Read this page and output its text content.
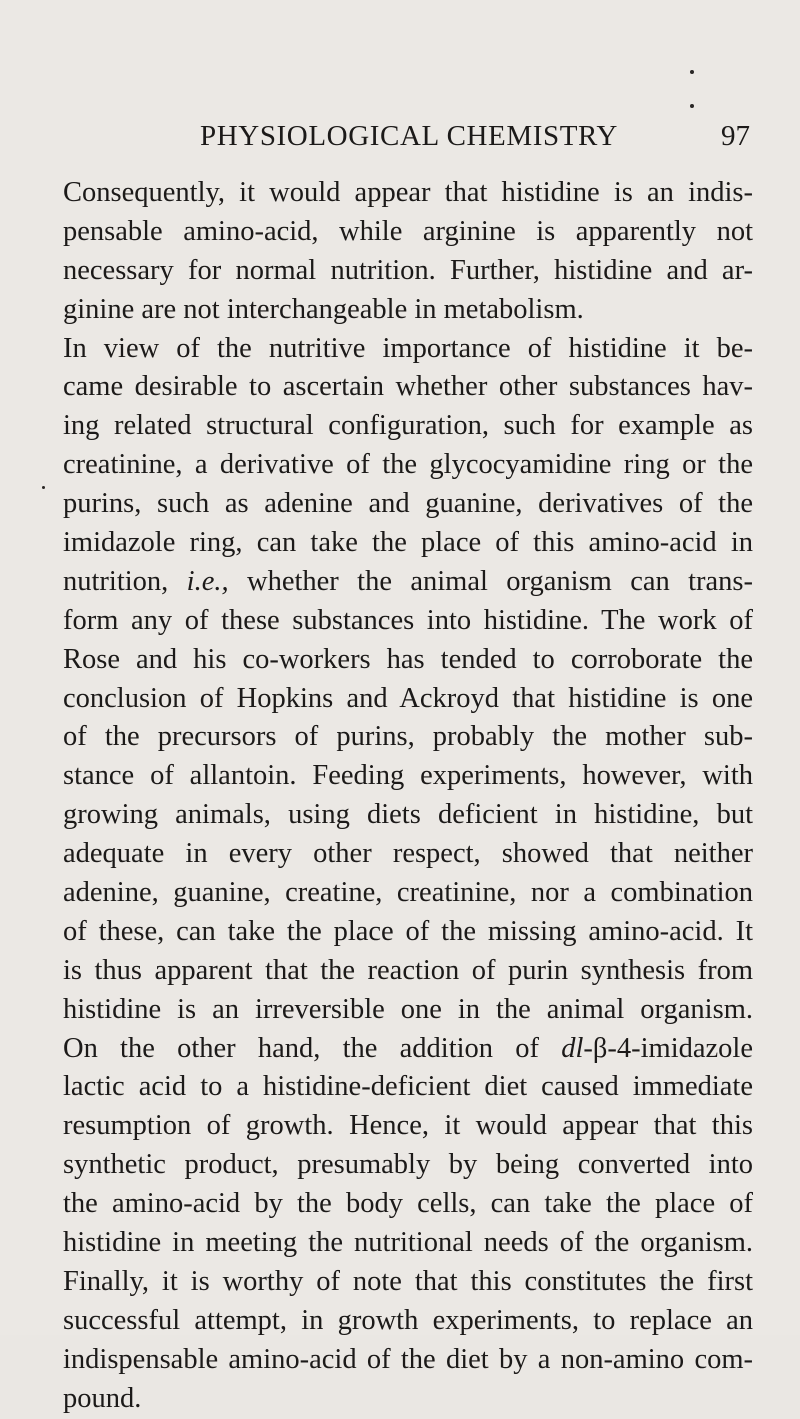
PHYSIOLOGICAL CHEMISTRY	97
Consequently, it would appear that histidine is an indis-
pensable amino-acid, while arginine is apparently not
necessary for normal nutrition. Further, histidine and ar-
ginine are not interchangeable in metabolism.
In view of the nutritive importance of histidine it be-
came desirable to ascertain whether other substances hav-
ing related structural configuration, such for example as
creatinine, a derivative of the glycocyamidine ring or the
purins, such as adenine and guanine, derivatives of the
imidazole ring, can take the place of this amino-acid in
nutrition, i.e., whether the animal organism can trans-
form any of these substances into histidine. The work of
Rose and his co-workers has tended to corroborate the
conclusion of Hopkins and Ackroyd that histidine is one
of the precursors of purins, probably the mother sub-
stance of allantoin. Feeding experiments, however, with
growing animals, using diets deficient in histidine, but
adequate in every other respect, showed that neither
adenine, guanine, creatine, creatinine, nor a combination
of these, can take the place of the missing amino-acid. It
is thus apparent that the reaction of purin synthesis from
histidine is an irreversible one in the animal organism.
On the other hand, the addition of dl-β-4-imidazole
lactic acid to a histidine-deficient diet caused immediate
resumption of growth. Hence, it would appear that this
synthetic product, presumably by being converted into
the amino-acid by the body cells, can take the place of
histidine in meeting the nutritional needs of the organism.
Finally, it is worthy of note that this constitutes the first
successful attempt, in growth experiments, to replace an
indispensable amino-acid of the diet by a non-amino com-
pound.
